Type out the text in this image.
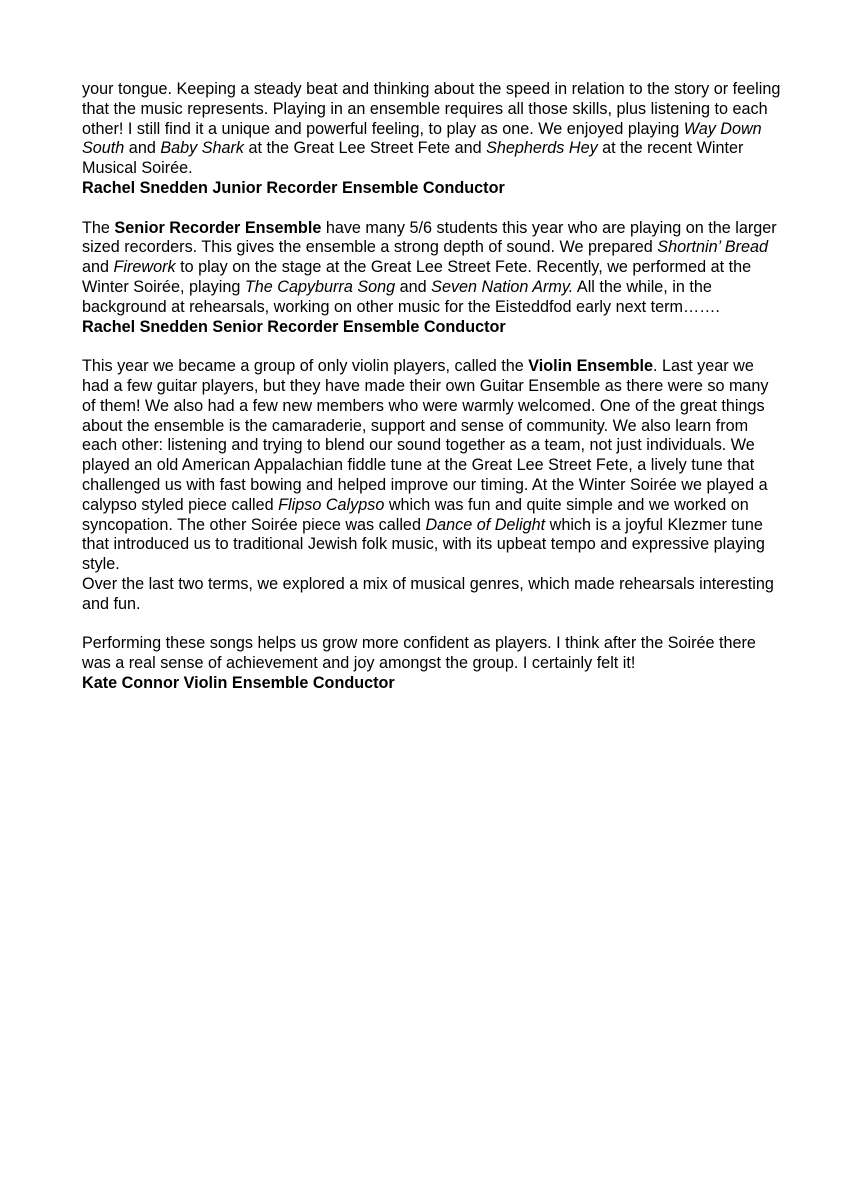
your tongue. Keeping a steady beat and thinking about the speed in relation to the story or feeling that the music represents. Playing in an ensemble requires all those skills, plus listening to each other! I still find it a unique and powerful feeling, to play as one. We enjoyed playing Way Down South and Baby Shark at the Great Lee Street Fete and Shepherds Hey at the recent Winter Musical Soirée.

Rachel Snedden Junior Recorder Ensemble Conductor

The Senior Recorder Ensemble have many 5/6 students this year who are playing on the larger sized recorders. This gives the ensemble a strong depth of sound. We prepared Shortnin’ Bread and Firework to play on the stage at the Great Lee Street Fete. Recently, we performed at the Winter Soirée, playing The Capyburra Song and Seven Nation Army. All the while, in the background at rehearsals, working on other music for the Eisteddfod early next term…….

Rachel Snedden Senior Recorder Ensemble Conductor

This year we became a group of only violin players, called the Violin Ensemble. Last year we had a few guitar players, but they have made their own Guitar Ensemble as there were so many of them! We also had a few new members who were warmly welcomed. One of the great things about the ensemble is the camaraderie, support and sense of community. We also learn from each other: listening and trying to blend our sound together as a team, not just individuals. We played an old American Appalachian fiddle tune at the Great Lee Street Fete, a lively tune that challenged us with fast bowing and helped improve our timing. At the Winter Soirée we played a calypso styled piece called Flipso Calypso which was fun and quite simple and we worked on syncopation. The other Soirée piece was called Dance of Delight which is a joyful Klezmer tune that introduced us to traditional Jewish folk music, with its upbeat tempo and expressive playing style.

Over the last two terms, we explored a mix of musical genres, which made rehearsals interesting and fun.

Performing these songs helps us grow more confident as players. I think after the Soirée there was a real sense of achievement and joy amongst the group. I certainly felt it!

Kate Connor Violin Ensemble Conductor
